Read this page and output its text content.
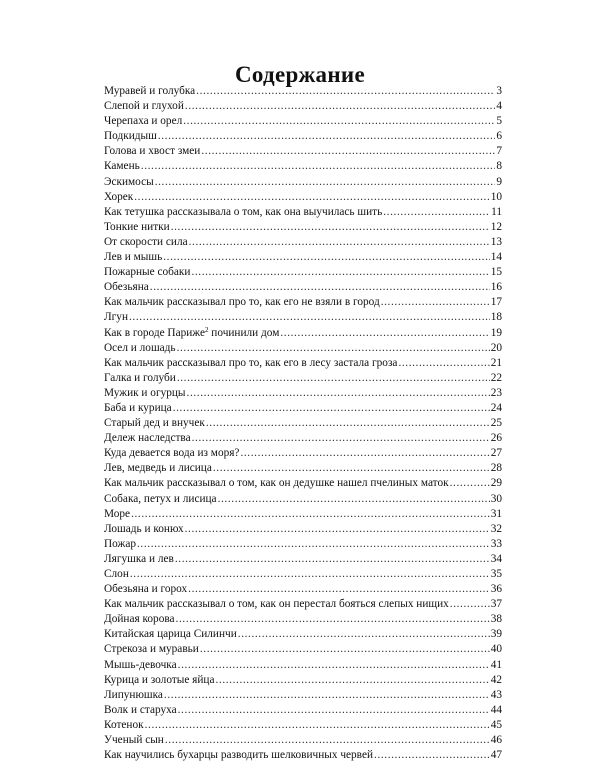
Содержание
Муравей и голубка .....	3
Слепой и глухой .....	4
Черепаха и орел .....	5
Подкидыш .....	6
Голова и хвост змеи .....	7
Камень .....	8
Эскимосы .....	9
Хорек .....	10
Как тетушка рассказывала о том, как она выучилась шить .....	11
Тонкие нитки .....	12
От скорости сила .....	13
Лев и мышь .....	14
Пожарные собаки .....	15
Обезьяна .....	16
Как мальчик рассказывал про то, как его не взяли в город .....	17
Лгун .....	18
Как в городе Париже$^2$ починили дом .....	19
Осел и лошадь .....	20
Как мальчик рассказывал про то, как его в лесу застала гроза .....	21
Галка и голуби .....	22
Мужик и огурцы .....	23
Баба и курица .....	24
Старый дед и внучек .....	25
Дележ наследства .....	26
Куда девается вода из моря? .....	27
Лев, медведь и лисица .....	28
Как мальчик рассказывал о том, как он дедушке нашел пчелиных маток .....	29
Собака, петух и лисица .....	30
Море .....	31
Лошадь и конюх .....	32
Пожар .....	33
Лягушка и лев .....	34
Слон .....	35
Обезьяна и горох .....	36
Как мальчик рассказывал о том, как он перестал бояться слепых нищих .....	37
Дойная корова .....	38
Китайская царица Силинчи .....	39
Стрекоза и муравьи .....	40
Мышь-девочка .....	41
Курица и золотые яйца .....	42
Липунюшка .....	43
Волк и старуха .....	44
Котенок .....	45
Ученый сын .....	46
Как научились бухарцы разводить шелковичных червей .....	47
